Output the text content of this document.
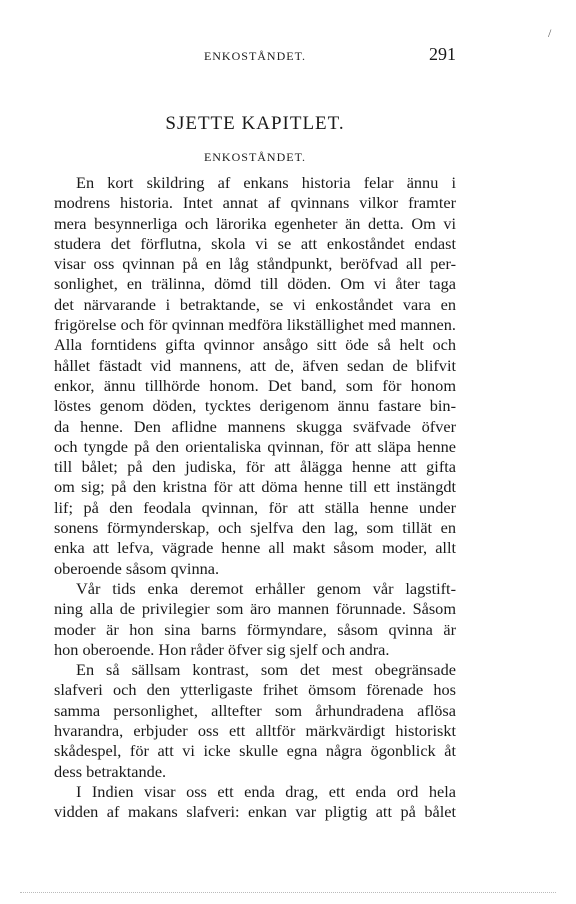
ENKOSTÅNDET.	291
/
SJETTE KAPITLET.
ENKOSTÅNDET.
En kort skildring af enkans historia felar ännu i
modrens historia. Intet annat af qvinnans vilkor framter
mera besynnerliga och lärorika egenheter än detta. Om vi
studera det förflutna, skola vi se att enkoståndet endast
visar oss qvinnan på en låg ståndpunkt, beröfvad all per-
sonlighet, en trälinna, dömd till döden. Om vi åter taga
det närvarande i betraktande, se vi enkoståndet vara en
frigörelse och för qvinnan medföra likställighet med mannen.
Alla forntidens gifta qvinnor ansågo sitt öde så helt och
hållet fästadt vid mannens, att de, äfven sedan de blifvit
enkor, ännu tillhörde honom. Det band, som för honom
löstes genom döden, tycktes derigenom ännu fastare bin-
da henne. Den aflidne mannens skugga sväfvade öfver
och tyngde på den orientaliska qvinnan, för att släpa henne
till bålet; på den judiska, för att ålägga henne att gifta
om sig; på den kristna för att döma henne till ett instängdt
lif; på den feodala qvinnan, för att ställa henne under
sonens förmynderskap, och sjelfva den lag, som tillät en
enka att lefva, vägrade henne all makt såsom moder, allt
oberoende såsom qvinna.
Vår tids enka deremot erhåller genom vår lagstift-
ning alla de privilegier som äro mannen förunnade. Såsom
moder är hon sina barns förmyndare, såsom qvinna är
hon oberoende. Hon råder öfver sig sjelf och andra.
En så sällsam kontrast, som det mest obegränsade
slafveri och den ytterligaste frihet ömsom förenade hos
samma personlighet, alltefter som århundradena aflösa
hvarandra, erbjuder oss ett alltför märkvärdigt historiskt
skådespel, för att vi icke skulle egna några ögonblick åt
dess betraktande.
I Indien visar oss ett enda drag, ett enda ord hela
vidden af makans slafveri: enkan var pligtig att på bålet
